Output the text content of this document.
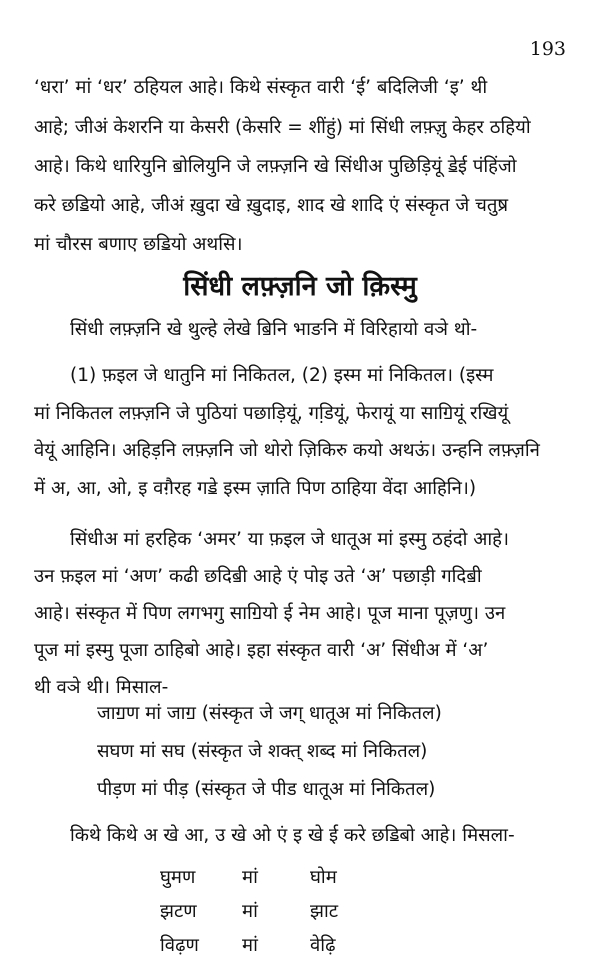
193
‘धरा’ मां ‘धर’ ठहियल आहे। किथे संस्कृत वारी ‘ई’ बदिलिजी ‘इ’ थी
आहे; जीअं केशरनि या केसरी (केसरि = शींहुं) मां सिंधी लफ़्ज़ु केहर ठहियो
आहे। किथे धारियुनि ॿोलियुनि जे लफ़्ज़नि खे सिंधीअ पुछिड़ियूं ॾेई पंहिंजो
करे छॾियो आहे, जीअं ख़ुदा खे ख़ुदाइ, शाद खे शादि एं संस्कृत जे चतुष्र
मां चौरस बणाए छॾियो अथसि।
सिंधी लफ़्ज़नि जो क़िस्मु
सिंधी लफ़्ज़नि खे थुल्हे लेखे ॿिनि भाङनि में विरिहायो वञे थो-
(1) फ़इल जे धातुनि मां निकितल, (2) इस्म मां निकितल। (इस्म
मां निकितल लफ़्ज़नि जे पुठियां पछाड़ियूं, गडि़यूं, फेरायूं या साॻियूं रखियूं
वेयूं आहिनि। अहिड़नि लफ़्ज़नि जो थोरो ज़िकिरु कयो अथऊं। उन्हनि लफ़्ज़नि
में अ, आ, ओ, इ वग़ैरह गॾे इस्म ज़ाति पिण ठाहिया वेंदा आहिनि।)
सिंधीअ मां हरहिक ‘अमर’ या फ़इल जे धातूअ मां इस्मु ठहंदो आहे।
उन फ़इल मां ‘अण’ कढी छदिॿी आहे एं पोइ उते ‘अ’ पछाड़ी गदिॿी
आहे। संस्कृत में पिण लगभगु साॻियो ई नेम आहे। पूज माना पूज़णु। उन
पूज मां इस्मु पूजा ठाहिबो आहे। इहा संस्कृत वारी ‘अ’ सिंधीअ में ‘अ’
थी वञे थी। मिसाल-
जाॻण मां जाॻ (संस्कृत जे जग् धातूअ मां निकितल)
सघण मां सघ (संस्कृत जे शक्त् शब्द मां निकितल)
पीड़ण मां पीड़ (संस्कृत जे पीड धातूअ मां निकितल)
किथे किथे अ खे आ, उ खे ओ एं इ खे ई करे छॾिबो आहे। मिसला-
घुमण	मां	घोम
झटण मां	झाट
विढ़ण मां	वेढ़ि
